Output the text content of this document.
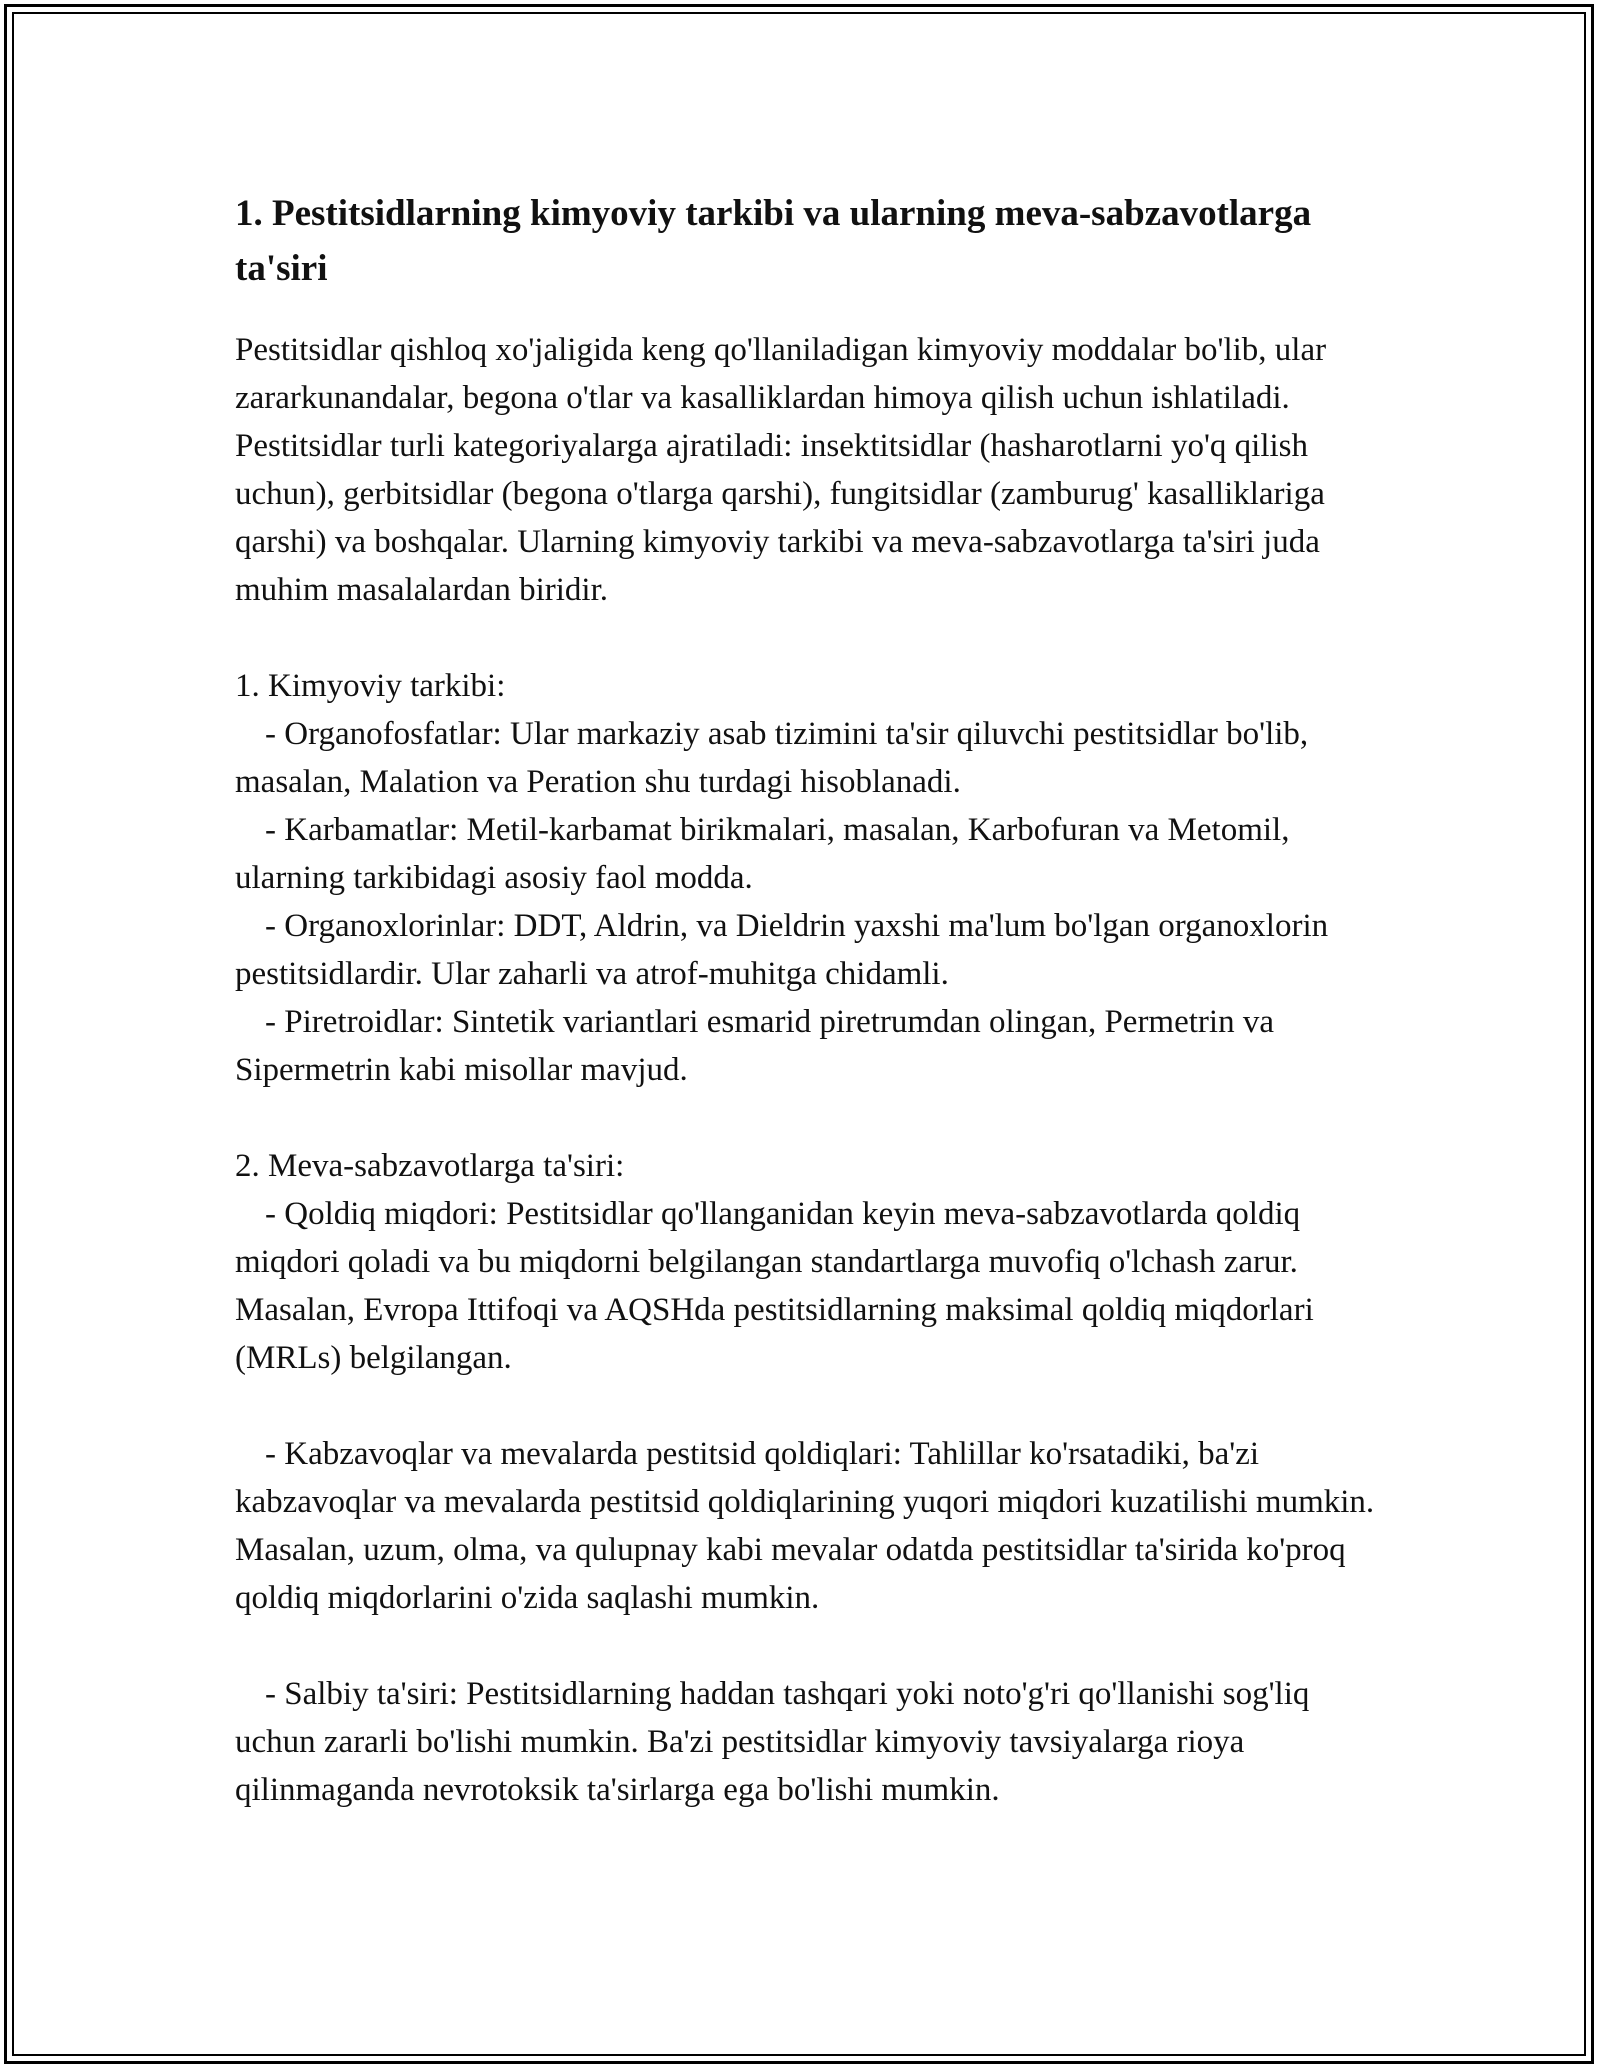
1. Pestitsidlarning kimyoviy tarkibi va ularning meva-sabzavotlarga ta'siri

Pestitsidlar qishloq xo'jaligida keng qo'llaniladigan kimyoviy moddalar bo'lib, ular zararkunandalar, begona o'tlar va kasalliklardan himoya qilish uchun ishlatiladi. Pestitsidlar turli kategoriyalarga ajratiladi: insektitsidlar (hasharotlarni yo'q qilish uchun), gerbitsidlar (begona o'tlarga qarshi), fungitsidlar (zamburug' kasalliklariga qarshi) va boshqalar. Ularning kimyoviy tarkibi va meva-sabzavotlarga ta'siri juda muhim masalalardan biridir.

1. Kimyoviy tarkibi:

- Organofosfatlar: Ular markaziy asab tizimini ta'sir qiluvchi pestitsidlar bo'lib, masalan, Malation va Peration shu turdagi hisoblanadi.

- Karbamatlar: Metil-karbamat birikmalari, masalan, Karbofuran va Metomil, ularning tarkibidagi asosiy faol modda.

- Organoxlorinlar: DDT, Aldrin, va Dieldrin yaxshi ma'lum bo'lgan organoxlorin pestitsidlardir. Ular zaharli va atrof-muhitga chidamli.

- Piretroidlar: Sintetik variantlari esmarid piretrumdan olingan, Permetrin va Sipermetrin kabi misollar mavjud.

2. Meva-sabzavotlarga ta'siri:

- Qoldiq miqdori: Pestitsidlar qo'llanganidan keyin meva-sabzavotlarda qoldiq miqdori qoladi va bu miqdorni belgilangan standartlarga muvofiq o'lchash zarur. Masalan, Evropa Ittifoqi va AQSHda pestitsidlarning maksimal qoldiq miqdorlari (MRLs) belgilangan.

- Kabzavoqlar va mevalarda pestitsid qoldiqlari: Tahlillar ko'rsatadiki, ba'zi kabzavoqlar va mevalarda pestitsid qoldiqlarining yuqori miqdori kuzatilishi mumkin. Masalan, uzum, olma, va qulupnay kabi mevalar odatda pestitsidlar ta'sirida ko'proq qoldiq miqdorlarini o'zida saqlashi mumkin.

- Salbiy ta'siri: Pestitsidlarning haddan tashqari yoki noto'g'ri qo'llanishi sog'liq uchun zararli bo'lishi mumkin. Ba'zi pestitsidlar kimyoviy tavsiyalarga rioya qilinmaganda nevrotoksik ta'sirlarga ega bo'lishi mumkin.
